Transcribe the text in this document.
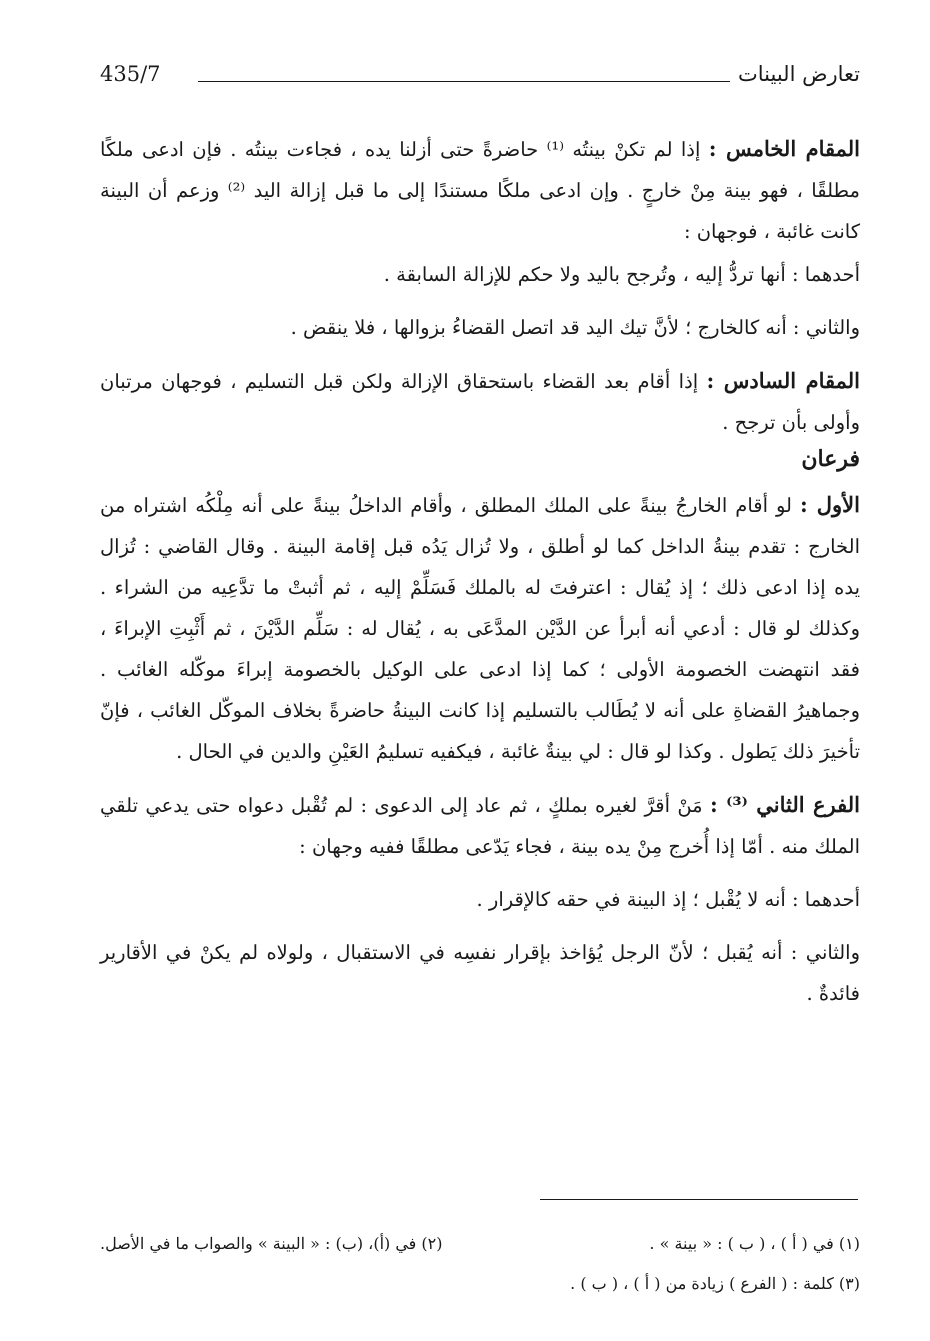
تعارض البينات
435/7

المقام الخامس : إذا لم تكنْ بينتُه ⁽¹⁾ حاضرةً حتى أزلنا يده ، فجاءت بينتُه . فإن ادعى ملكًا مطلقًا ، فهو بينة مِنْ خارجٍ . وإن ادعى ملكًا مستندًا إلى ما قبل إزالة اليد ⁽²⁾ وزعم أن البينة كانت غائبة ، فوجهان :

أحدهما : أنها تردُّ إليه ، وتُرجح باليد ولا حكم للإزالة السابقة .

والثاني : أنه كالخارج ؛ لأنَّ تيك اليد قد اتصل القضاءُ بزوالها ، فلا ينقض .

المقام السادس : إذا أقام بعد القضاء باستحقاق الإزالة ولكن قبل التسليم ، فوجهان مرتبان وأولى بأن ترجح .

فرعان

الأول : لو أقام الخارجُ بينةً على الملك المطلق ، وأقام الداخلُ بينةً على أنه مِلْكُه اشتراه من الخارج : تقدم بينةُ الداخل كما لو أطلق ، ولا تُزال يَدُه قبل إقامة البينة . وقال القاضي : تُزال يده إذا ادعى ذلك ؛ إذ يُقال : اعترفتَ له بالملك فَسَلِّمْ إليه ، ثم أثبتْ ما تدَّعِيه من الشراء . وكذلك لو قال : أدعي أنه أبرأ عن الدَّيْن المدَّعَى به ، يُقال له : سَلِّم الدَّيْنَ ، ثم أَثْبِتِ الإبراءَ ، فقد انتهضت الخصومة الأولى ؛ كما إذا ادعى على الوكيل بالخصومة إبراءَ موكّله الغائب . وجماهيرُ القضاةِ على أنه لا يُطَالب بالتسليم إذا كانت البينةُ حاضرةً بخلاف الموكّل الغائب ، فإنّ تأخيرَ ذلك يَطول . وكذا لو قال : لي بينةٌ غائبة ، فيكفيه تسليمُ العَيْنِ والدين في الحال .

الفرع الثاني ⁽³⁾ : مَنْ أقرَّ لغيره بملكٍ ، ثم عاد إلى الدعوى : لم تُقْبل دعواه حتى يدعي تلقي الملك منه . أمّا إذا أُخرج مِنْ يده بينة ، فجاء يَدّعى مطلقًا ففيه وجهان :

أحدهما : أنه لا يُقْبل ؛ إذ البينة في حقه كالإقرار .

والثاني : أنه يُقبل ؛ لأنّ الرجل يُؤاخذ بإقرار نفسِه في الاستقبال ، ولولاه لم يكنْ في الأقارير فائدةٌ .

(١) في ( أ ) ، ( ب ) : « بينة » .
(٢) في (أ)، (ب) : « البينة » والصواب ما في الأصل.
(٣) كلمة : ( الفرع ) زيادة من ( أ ) ، ( ب ) .
